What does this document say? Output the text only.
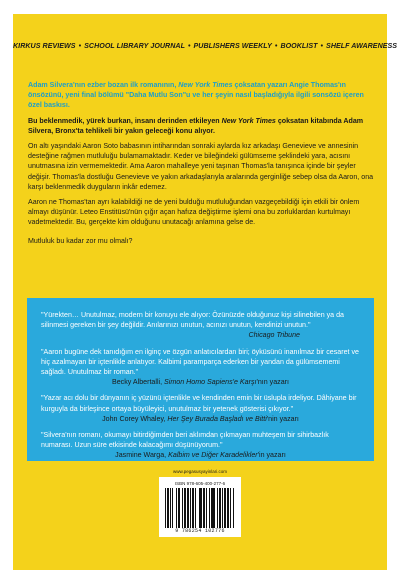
KIRKUS REVIEWS • SCHOOL LIBRARY JOURNAL • PUBLISHERS WEEKLY • BOOKLIST • SHELF AWARENESS

Adam Silvera'nın ezber bozan ilk romanının, New York Times çoksatan yazarı Angie Thomas'ın önsözünü, yeni final bölümü "Daha Mutlu Son"u ve her şeyin nasıl başladığıyla ilgili sonsözü içeren özel baskısı.

Bu beklenmedik, yürek burkan, insanı derinden etkileyen New York Times çoksatan kitabında Adam Silvera, Bronx'ta tehlikeli bir yakın geleceği konu alıyor.

On altı yaşındaki Aaron Soto babasının intiharından sonraki aylarda kız arkadaşı Genevieve ve annesinin desteğine rağmen mutluluğu bulamamaktadır. Keder ve bileğindeki gülümseme şeklindeki yara, acısını unutmasına izin vermemektedir. Ama Aaron mahalleye yeni taşınan Thomas'la tanışınca içinde bir şeyler değişir. Thomas'la dostluğu Genevieve ve yakın arkadaşlarıyla aralarında gerginliğe sebep olsa da Aaron, ona karşı beklenmedik duyguların inkâr edemez.

Aaron ne Thomas'tan ayrı kalabildiği ne de yeni bulduğu mutluluğundan vazgeçebildiği için etkili bir önlem almayı düşünür. Leteo Enstitüsü'nün çığır açan hafıza değiştirme işlemi ona bu zorluklardan kurtulmayı vadetmektedir. Bu, gerçekte kim olduğunu unutacağı anlamına gelse de.

Mutluluk bu kadar zor mu olmalı?

"Yürekten… Unutulmaz, modern bir konuyu ele alıyor: Özünüzde olduğunuz kişi silinebilen ya da silinmesi gereken bir şey değildir. Anılarınızı unutun, acınızı unutun, kendinizi unutun."

Chicago Tribune

"Aaron bugüne dek tanıdığım en ilginç ve özgün anlatıcılardan biri; öyküsünü inanılmaz bir cesaret ve hiç azalmayan bir içtenlikle anlatıyor. Kalbimi paramparça ederken bir yandan da gülümsememi sağladı. Unutulmaz bir roman."

Becky Albertalli, Simon Homo Sapiens'e Karşı'nın yazarı

"Yazar acı dolu bir dünyanın iç yüzünü içtenlikle ve kendinden emin bir üslupla irdeliyor. Dâhiyane bir kurguyla da birleşince ortaya büyüleyici, unutulmaz bir yetenek gösterisi çıkıyor."

John Corey Whaley, Her Şey Burada Başladı ve Bitti'nin yazarı

"Silvera'nın romanı, okumayı bitirdiğimden beri aklımdan çıkmayan muhteşem bir sihirbazlık numarası. Uzun süre etkisinde kalacağımı düşünüyorum."

Jasmine Warga, Kalbim ve Diğer Karadelikler'in yazarı

www.pegasusyayinlari.com
ISBN 978-605-400-277-6
9 786254 102776
